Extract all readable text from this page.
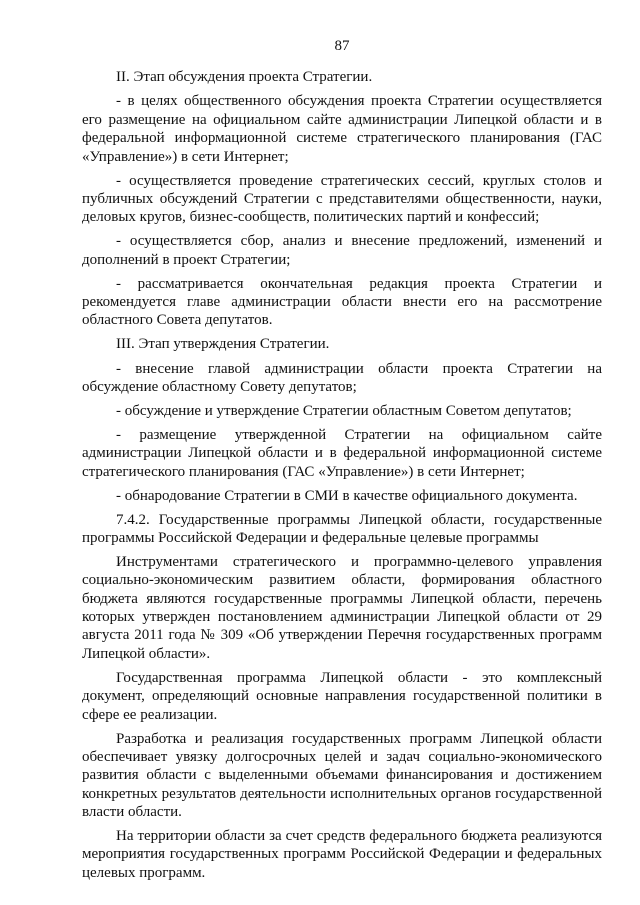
87

II. Этап обсуждения проекта Стратегии.

- в целях общественного обсуждения проекта Стратегии осуществляется его размещение на официальном сайте администрации Липецкой области и в федеральной информационной системе стратегического планирования (ГАС «Управление») в сети Интернет;

- осуществляется проведение стратегических сессий, круглых столов и публичных обсуждений Стратегии с представителями общественности, науки, деловых кругов, бизнес-сообществ, политических партий и конфессий;

- осуществляется сбор, анализ и внесение предложений, изменений и дополнений в проект Стратегии;

- рассматривается окончательная редакция проекта Стратегии и рекомендуется главе администрации области внести его на рассмотрение областного Совета депутатов.

III. Этап утверждения Стратегии.

- внесение главой администрации области проекта Стратегии на обсуждение областному Совету депутатов;

- обсуждение и утверждение Стратегии областным Советом депутатов;

- размещение утвержденной Стратегии на официальном сайте администрации Липецкой области и в федеральной информационной системе стратегического планирования (ГАС «Управление») в сети Интернет;

- обнародование Стратегии в СМИ в качестве официального документа.

7.4.2. Государственные программы Липецкой области, государственные программы Российской Федерации и федеральные целевые программы

Инструментами стратегического и программно-целевого управления социально-экономическим развитием области, формирования областного бюджета являются государственные программы Липецкой области, перечень которых утвержден постановлением администрации Липецкой области от 29 августа 2011 года № 309 «Об утверждении Перечня государственных программ Липецкой области».

Государственная программа Липецкой области - это комплексный документ, определяющий основные направления государственной политики в сфере ее реализации.

Разработка и реализация государственных программ Липецкой области обеспечивает увязку долгосрочных целей и задач социально-экономического развития области с выделенными объемами финансирования и достижением конкретных результатов деятельности исполнительных органов государственной власти области.

На территории области за счет средств федерального бюджета реализуются мероприятия государственных программ Российской Федерации и федеральных целевых программ.
